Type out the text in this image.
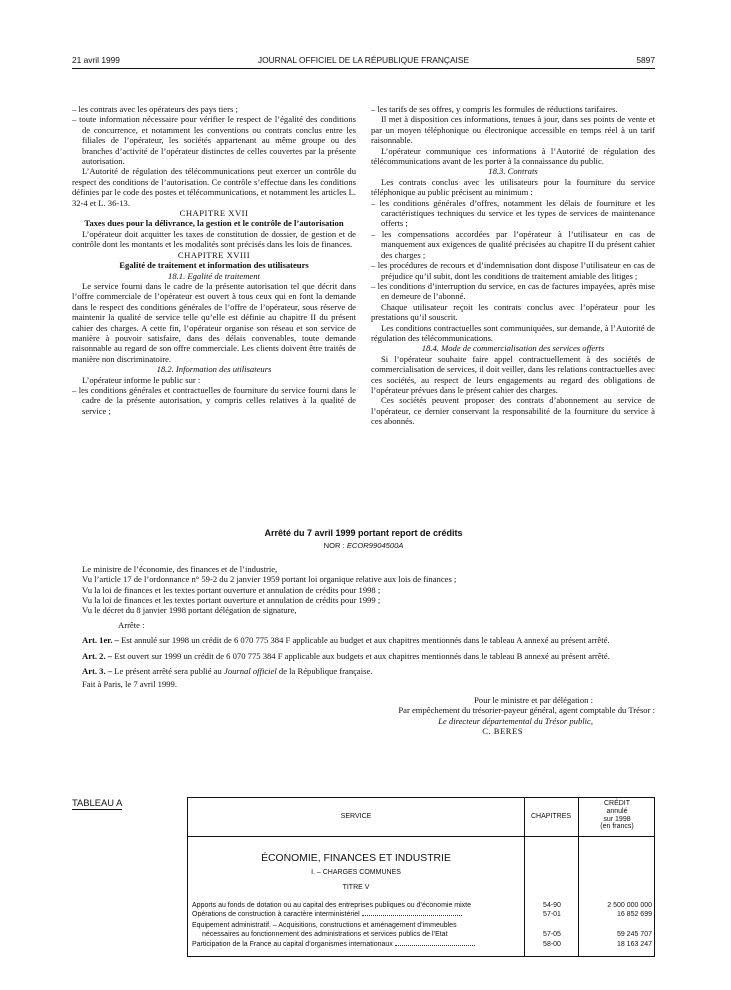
21 avril 1999	JOURNAL OFFICIEL DE LA RÉPUBLIQUE FRANÇAISE	5897

– les contrats avec les opérateurs des pays tiers ;

– toute information nécessaire pour vérifier le respect de l’égalité des conditions de concurrence, et notamment les conventions ou contrats conclus entre les filiales de l’opérateur, les sociétés appartenant au même groupe ou des branches d’activité de l’opérateur distinctes de celles couvertes par la présente autorisation.

L’Autorité de régulation des télécommunications peut exercer un contrôle du respect des conditions de l’autorisation. Ce contrôle s’effectue dans les conditions définies par le code des postes et télécommunications, et notamment les articles L. 32-4 et L. 36-13.

CHAPITRE XVII

Taxes dues pour la délivrance, la gestion et le contrôle de l’autorisation

L’opérateur doit acquitter les taxes de constitution de dossier, de gestion et de contrôle dont les montants et les modalités sont précisés dans les lois de finances.

CHAPITRE XVIII

Egalité de traitement et information des utilisateurs

18.1. Egalité de traitement

Le service fourni dans le cadre de la présente autorisation tel que décrit dans l’offre commerciale de l’opérateur est ouvert à tous ceux qui en font la demande dans le respect des conditions générales de l’offre de l’opérateur, sous réserve de maintenir la qualité de service telle qu’elle est définie au chapitre II du présent cahier des charges. A cette fin, l’opérateur organise son réseau et son service de manière à pouvoir satisfaire, dans des délais convenables, toute demande raisonnable au regard de son offre commerciale. Les clients doivent être traités de manière non discriminatoire.

18.2. Information des utilisateurs

L’opérateur informe le public sur :

– les conditions générales et contractuelles de fourniture du service fourni dans le cadre de la présente autorisation, y compris celles relatives à la qualité de service ;

– les tarifs de ses offres, y compris les formules de réductions tarifaires.

Il met à disposition ces informations, tenues à jour, dans ses points de vente et par un moyen téléphonique ou électronique accessible en temps réel à un tarif raisonnable.

L’opérateur communique ces informations à l’Autorité de régulation des télécommunications avant de les porter à la connaissance du public.

18.3. Contrats

Les contrats conclus avec les utilisateurs pour la fourniture du service téléphonique au public précisent au minimum :

– les conditions générales d’offres, notamment les délais de fourniture et les caractéristiques techniques du service et les types de services de maintenance offerts ;

– les compensations accordées par l’opérateur à l’utilisateur en cas de manquement aux exigences de qualité précisées au chapitre II du présent cahier des charges ;

– les procédures de recours et d’indemnisation dont dispose l’utilisateur en cas de préjudice qu’il subit, dont les conditions de traitement amiable des litiges ;

– les conditions d’interruption du service, en cas de factures impayées, après mise en demeure de l’abonné.

Chaque utilisateur reçoit les contrats conclus avec l’opérateur pour les prestations qu’il souscrit.

Les conditions contractuelles sont communiquées, sur demande, à l’Autorité de régulation des télécommunications.

18.4. Mode de commercialisation des services offerts

Si l’opérateur souhaite faire appel contractuellement à des sociétés de commercialisation de services, il doit veiller, dans les relations contractuelles avec ces sociétés, au respect de leurs engagements au regard des obligations de l’opérateur prévues dans le présent cahier des charges.

Ces sociétés peuvent proposer des contrats d’abonnement au service de l’opérateur, ce dernier conservant la responsabilité de la fourniture du service à ces abonnés.

Arrêté du 7 avril 1999 portant report de crédits
NOR : ECOR9904500A

Le ministre de l’économie, des finances et de l’industrie,

Vu l’article 17 de l’ordonnance n° 59-2 du 2 janvier 1959 portant loi organique relative aux lois de finances ;

Vu la loi de finances et les textes portant ouverture et annulation de crédits pour 1998 ;

Vu la loi de finances et les textes portant ouverture et annulation de crédits pour 1999 ;

Vu le décret du 8 janvier 1998 portant délégation de signature,

Arrête :

Art. 1er. – Est annulé sur 1998 un crédit de 6 070 775 384 F applicable au budget et aux chapitres mentionnés dans le tableau A annexé au présent arrêté.

Art. 2. – Est ouvert sur 1999 un crédit de 6 070 775 384 F applicable aux budgets et aux chapitres mentionnés dans le tableau B annexé au présent arrêté.

Art. 3. – Le présent arrêté sera publié au Journal officiel de la République française.

Fait à Paris, le 7 avril 1999.

Pour le ministre et par délégation :

Par empêchement du trésorier-payeur général, agent comptable du Trésor :

Le directeur départemental du Trésor public,

C. BERES

TABLEAU A
SERVICE	CHAPITRES
CRÉDIT
annulé
sur 1998
(en francs)
ÉCONOMIE, FINANCES ET INDUSTRIE
I. – CHARGES COMMUNES
TITRE V
Apports au fonds de dotation ou au capital des entreprises publiques ou d’économie mixte	54-90	2 500 000 000
Opérations de construction à caractère interministériel	57-01	16 852 699
Equipement administratif. – Acquisitions, constructions et aménagement d’immeubles
nécessaires au fonctionnement des administrations et services publics de l’Etat	57-05	59 245 707
Participation de la France au capital d’organismes internationaux	58-00	18 163 247
